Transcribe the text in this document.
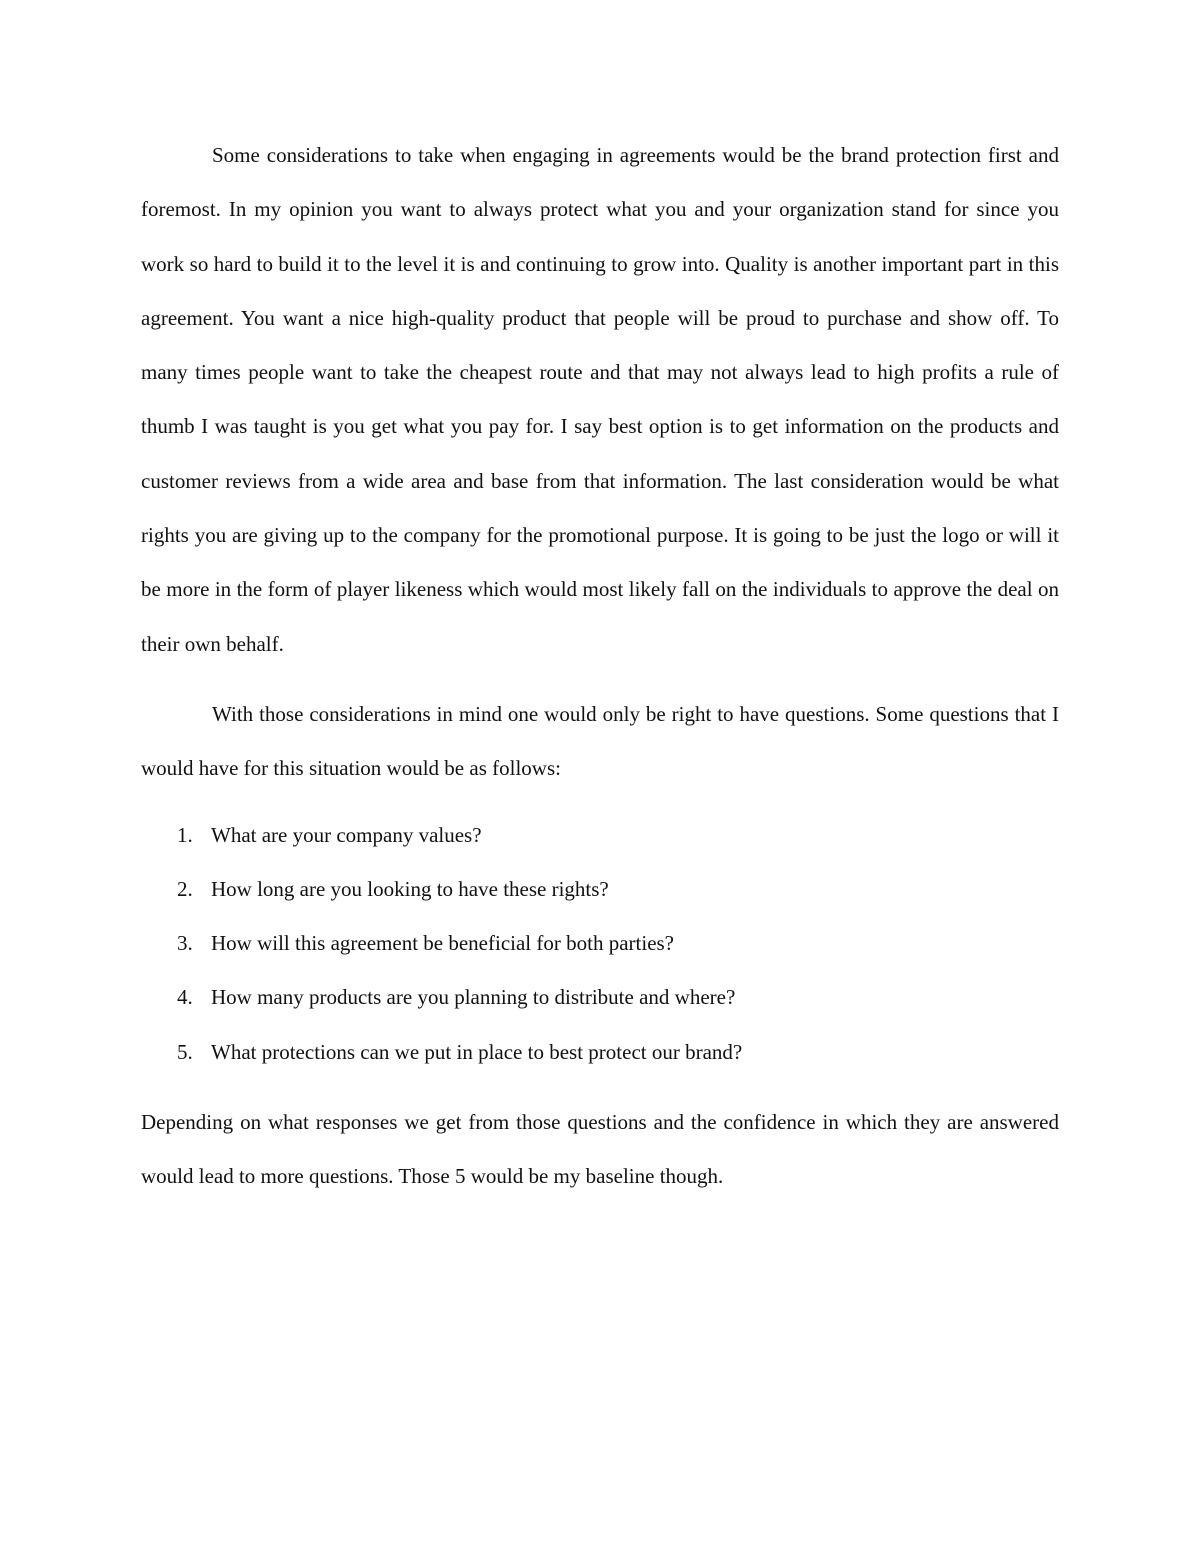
Some considerations to take when engaging in agreements would be the brand protection first and foremost. In my opinion you want to always protect what you and your organization stand for since you work so hard to build it to the level it is and continuing to grow into. Quality is another important part in this agreement. You want a nice high-quality product that people will be proud to purchase and show off. To many times people want to take the cheapest route and that may not always lead to high profits a rule of thumb I was taught is you get what you pay for. I say best option is to get information on the products and customer reviews from a wide area and base from that information. The last consideration would be what rights you are giving up to the company for the promotional purpose. It is going to be just the logo or will it be more in the form of player likeness which would most likely fall on the individuals to approve the deal on their own behalf.

With those considerations in mind one would only be right to have questions. Some questions that I would have for this situation would be as follows:

1. What are your company values?
2. How long are you looking to have these rights?
3. How will this agreement be beneficial for both parties?
4. How many products are you planning to distribute and where?
5. What protections can we put in place to best protect our brand?

Depending on what responses we get from those questions and the confidence in which they are answered would lead to more questions. Those 5 would be my baseline though.
